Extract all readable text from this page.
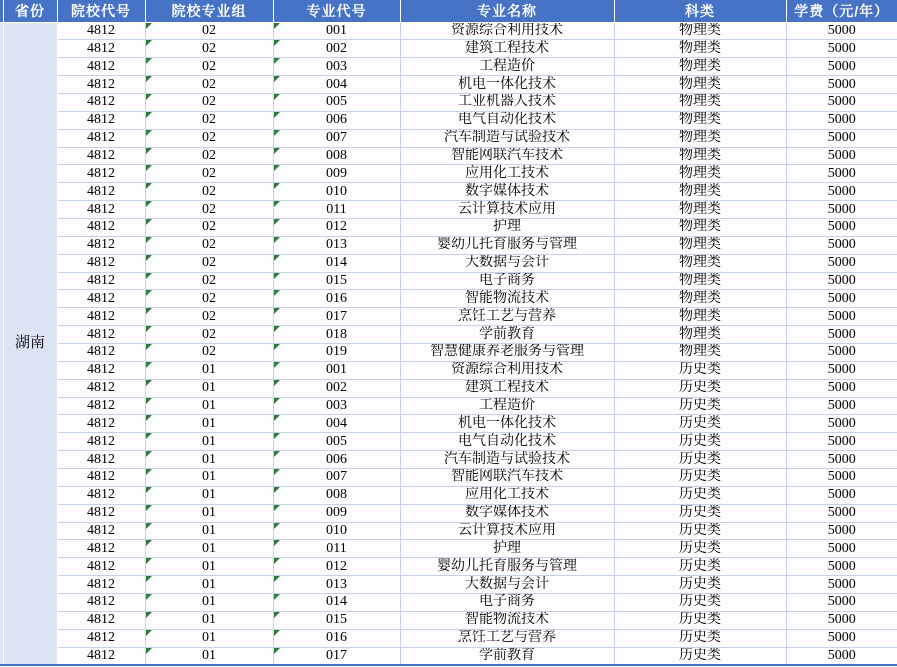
	省份	院校代号	院校专业组	专业代号	专业名称	科类	学费（元/年）
	湖南	4812	02	001	资源综合利用技术	物理类	5000
		4812	02	002	建筑工程技术	物理类	5000
		4812	02	003	工程造价	物理类	5000
		4812	02	004	机电一体化技术	物理类	5000
		4812	02	005	工业机器人技术	物理类	5000
		4812	02	006	电气自动化技术	物理类	5000
		4812	02	007	汽车制造与试验技术	物理类	5000
		4812	02	008	智能网联汽车技术	物理类	5000
		4812	02	009	应用化工技术	物理类	5000
		4812	02	010	数字媒体技术	物理类	5000
		4812	02	011	云计算技术应用	物理类	5000
		4812	02	012	护理	物理类	5000
		4812	02	013	婴幼儿托育服务与管理	物理类	5000
		4812	02	014	大数据与会计	物理类	5000
		4812	02	015	电子商务	物理类	5000
		4812	02	016	智能物流技术	物理类	5000
		4812	02	017	烹饪工艺与营养	物理类	5000
		4812	02	018	学前教育	物理类	5000
		4812	02	019	智慧健康养老服务与管理	物理类	5000
		4812	01	001	资源综合利用技术	历史类	5000
		4812	01	002	建筑工程技术	历史类	5000
		4812	01	003	工程造价	历史类	5000
		4812	01	004	机电一体化技术	历史类	5000
		4812	01	005	电气自动化技术	历史类	5000
		4812	01	006	汽车制造与试验技术	历史类	5000
		4812	01	007	智能网联汽车技术	历史类	5000
		4812	01	008	应用化工技术	历史类	5000
		4812	01	009	数字媒体技术	历史类	5000
		4812	01	010	云计算技术应用	历史类	5000
		4812	01	011	护理	历史类	5000
		4812	01	012	婴幼儿托育服务与管理	历史类	5000
		4812	01	013	大数据与会计	历史类	5000
		4812	01	014	电子商务	历史类	5000
		4812	01	015	智能物流技术	历史类	5000
		4812	01	016	烹饪工艺与营养	历史类	5000
		4812	01	017	学前教育	历史类	5000
